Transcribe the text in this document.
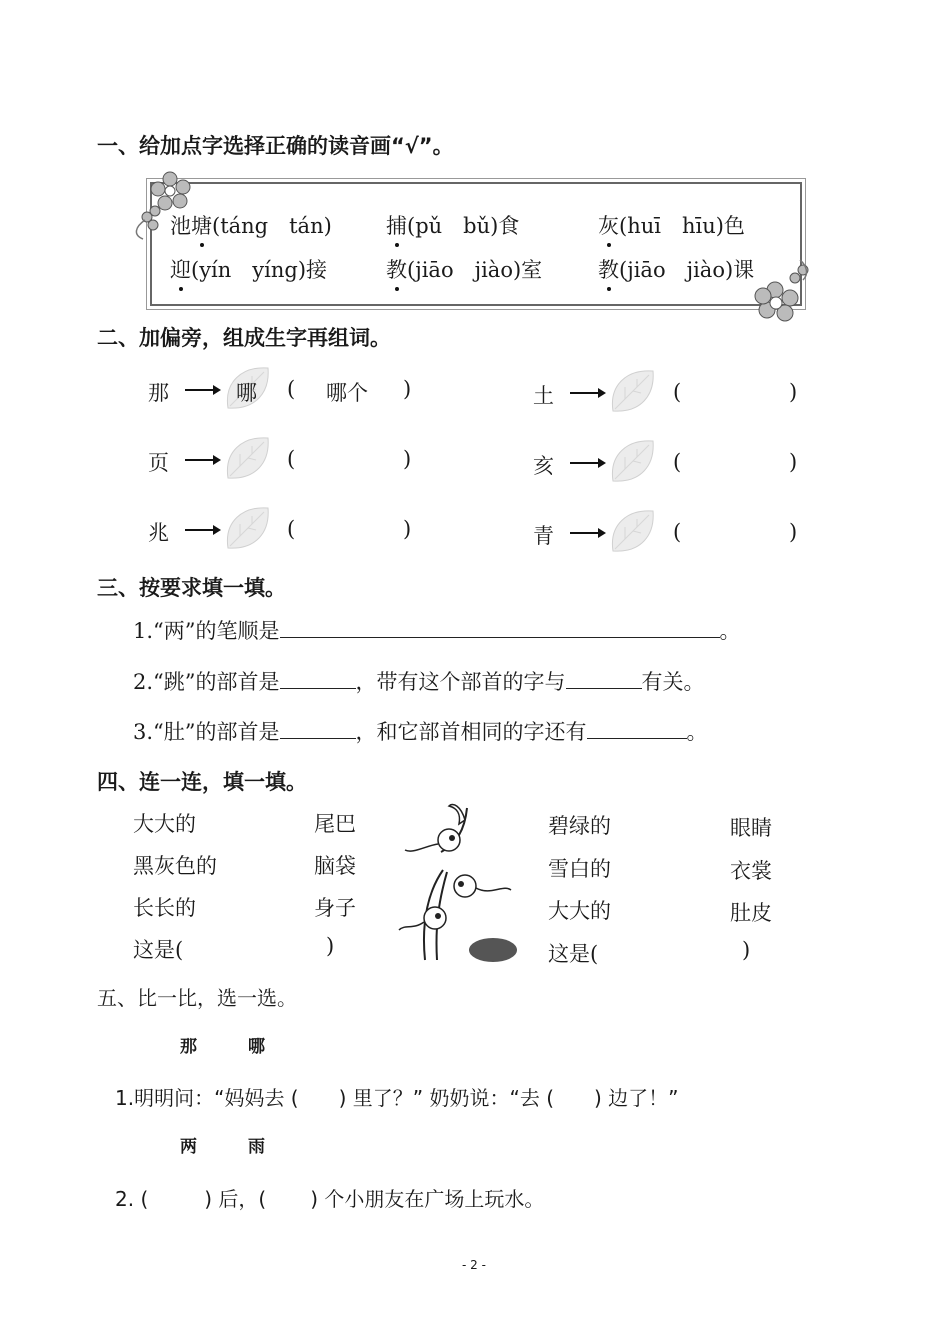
一、给加点字选择正确的读音画“√”。
池塘(táng　tán)	捕(pǔ　bǔ)食	灰(huī　hīu)色
迎(yín　yíng)接	教(jiāo　jiào)室	教(jiāo　jiào)课
二、加偏旁，组成生字再组词。
那	哪 ( 哪个 )
页	(	)
兆	(	)
土	(	)
亥	(	)
青	(	)
三、按要求填一填。
1.“两”的笔顺是	。
2.“跳”的部首是	，带有这个部首的字与	有关。
3.“肚”的部首是	，和它部首相同的字还有	。
四、连一连，填一填。
大大的
黑灰色的
长长的
尾巴
脑袋
身子
这是(	)
碧绿的
雪白的
大大的
眼睛
衣裳
肚皮
这是(	)
五、比一比，选一选。
那	哪
1.明明问：“妈妈去 ( ) 里了？” 奶奶说：“去 ( ) 边了！”
两	雨
2. (	) 后，( ) 个小朋友在广场上玩水。
- 2 -
